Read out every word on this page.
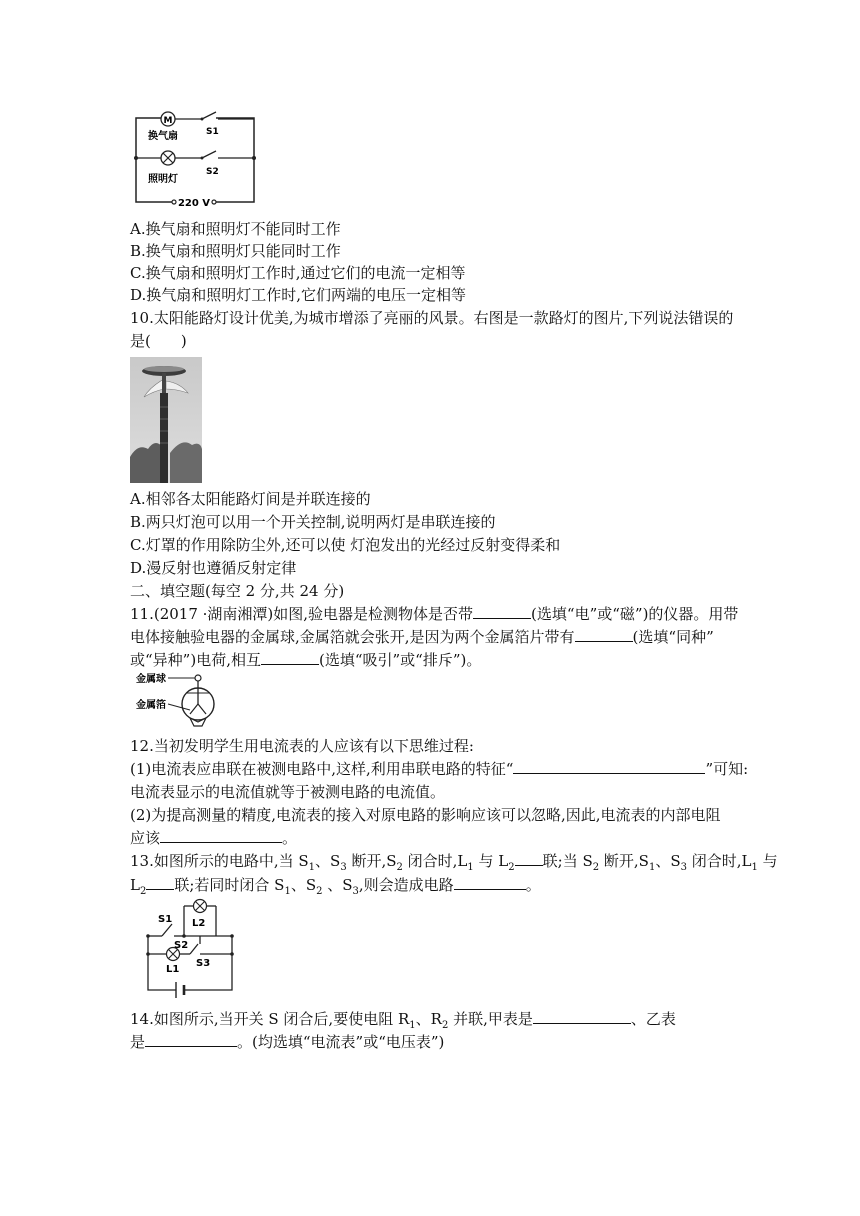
M
换气扇	S1
照明灯
S2
220 V
A.换气扇和照明灯不能同时工作
B.换气扇和照明灯只能同时工作
C.换气扇和照明灯工作时,通过它们的电流一定相等
D.换气扇和照明灯工作时,它们两端的电压一定相等
10.太阳能路灯设计优美,为城市增添了亮丽的风景。右图是一款路灯的图片,下列说法错误的
是(　　)
A.相邻各太阳能路灯间是并联连接的
B.两只灯泡可以用一个开关控制,说明两灯是串联连接的
C.灯罩的作用除防尘外,还可以使 灯泡发出的光经过反射变得柔和
D.漫反射也遵循反射定律
二、填空题(每空 2 分,共 24 分)
11.(2017 ·湖南湘潭)如图,验电器是检测物体是否带	(选填“电”或“磁”)的仪器。用带
电体接触验电器的金属球,金属箔就会张开,是因为两个金属箔片带有	(选填“同种”
或“异种”)电荷,相互	(选填“吸引”或“排斥”)。
金属球
金属箔
12.当初发明学生用电流表的人应该有以下思维过程:
(1)电流表应串联在被测电路中,这样,利用串联电路的特征“	”可知:
电流表显示的电流值就等于被测电路的电流值。
(2)为提高测量的精度,电流表的接入对原电路的影响应该可以忽略,因此,电流表的内部电阻
应该	。
13.如图所示的电路中,当 $S_1$、$S_3$ 断开$,S_2$ 闭合时$,L_1$ 与 $L_2$ 联;当 $S_2$ 断开$,S_1$、$S_3$ 闭合时$,L_1$ 与
$L_2$ 联;若同时闭合 $S_1$、$S_2$ 、$S_3$,则会造成电路	。
S1 L2
S2
L1
S3
14.如图所示,当开关 S 闭合后,要使电阻 $R_1$、$R_2$ 并联,甲表是	、乙表
是	。(均选填“电流表”或“电压表”)
